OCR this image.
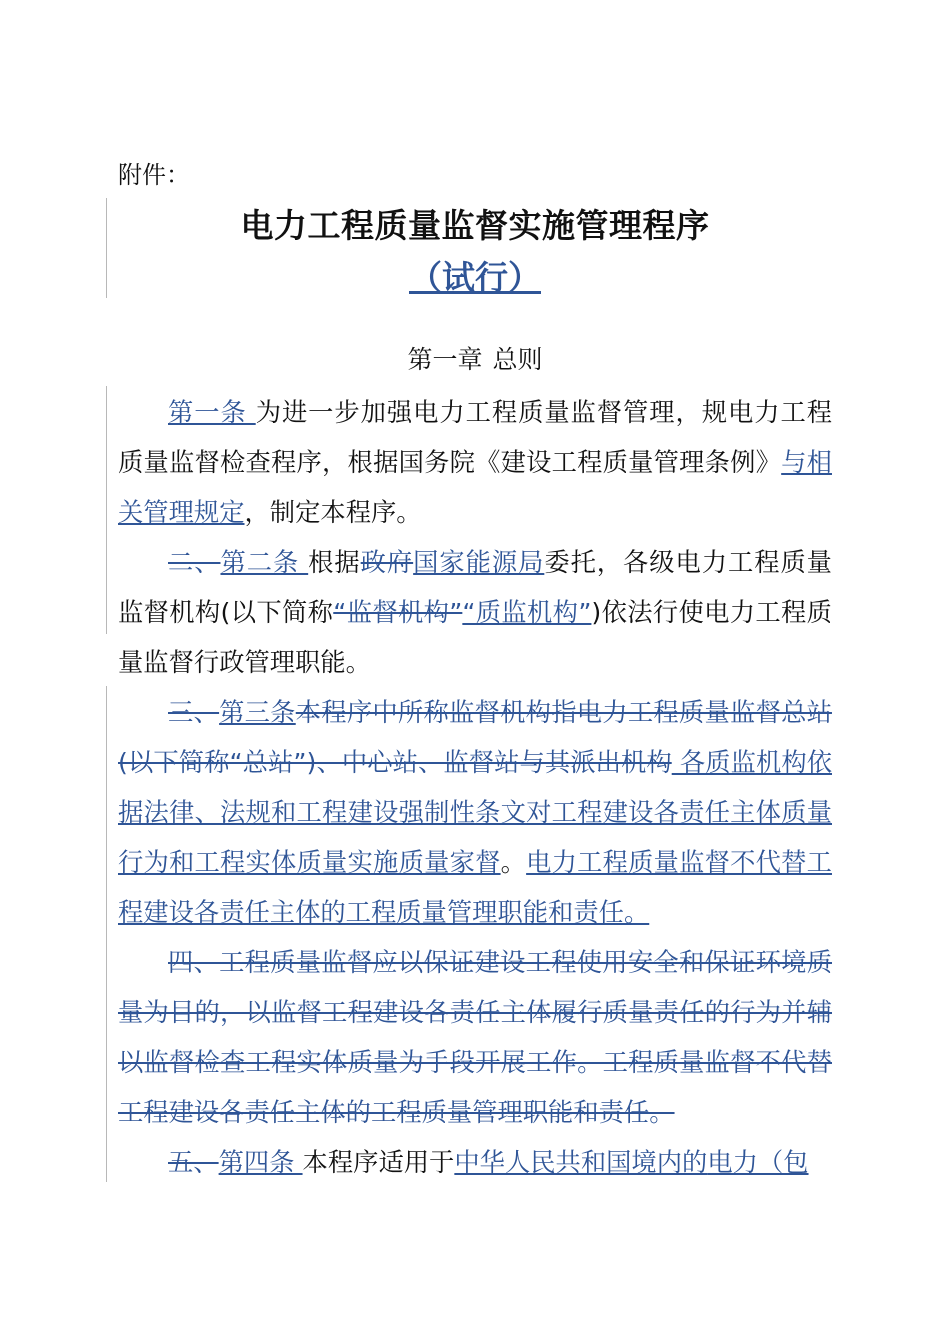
附件：
电力工程质量监督实施管理程序
（试行）
第一章 总则

第一条 为进一步加强电力工程质量监督管理，规电力工程质量监督检查程序，根据国务院《建设工程质量管理条例》与相关管理规定，制定本程序。

二、第二条 根据政府国家能源局委托，各级电力工程质量监督机构(以下简称“监督机构”“质监机构”)依法行使电力工程质量监督行政管理职能。

三、第三条本程序中所称监督机构指电力工程质量监督总站(以下简称“总站”)、中心站、监督站与其派出机构 各质监机构依据法律、法规和工程建设强制性条文对工程建设各责任主体质量行为和工程实体质量实施质量家督。电力工程质量监督不代替工程建设各责任主体的工程质量管理职能和责任。

四、工程质量监督应以保证建设工程使用安全和保证环境质量为目的，以监督工程建设各责任主体履行质量责任的行为并辅以监督检查工程实体质量为手段开展工作。工程质量监督不代替工程建设各责任主体的工程质量管理职能和责任。

五、第四条 本程序适用于中华人民共和国境内的电力（包
